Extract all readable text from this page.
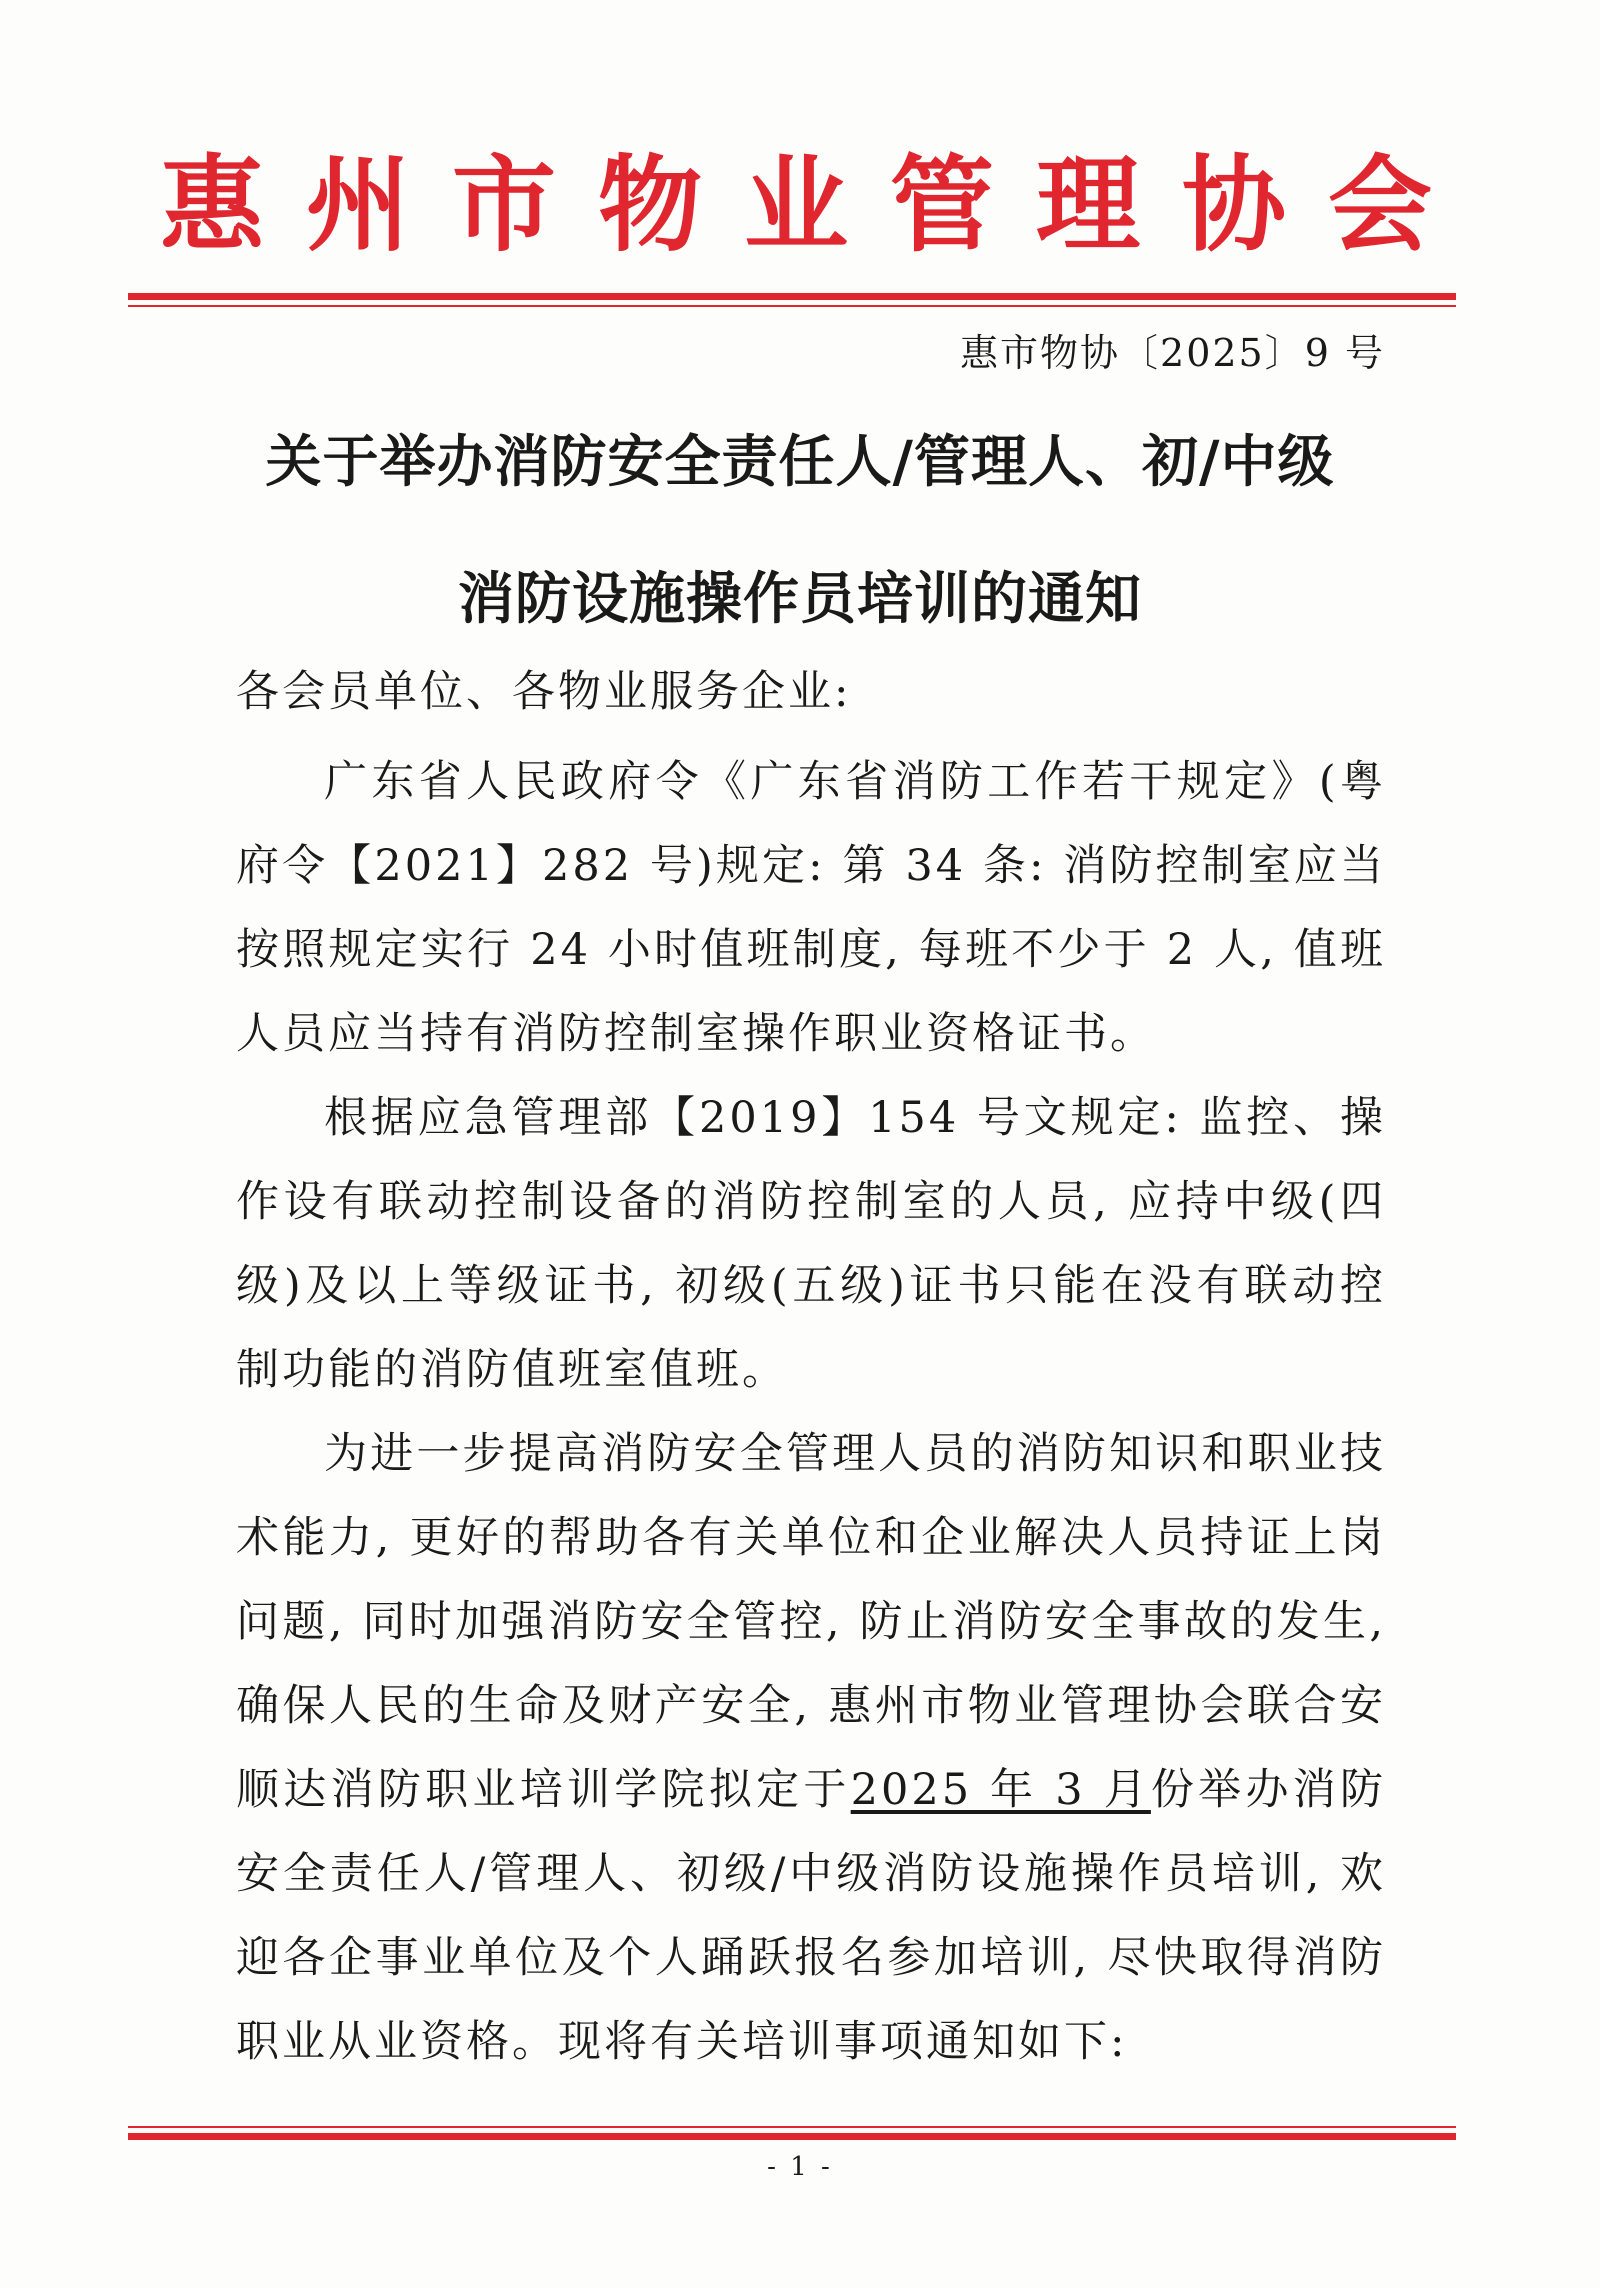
惠州市物业管理协会
惠市物协〔2025〕9 号
关于举办消防安全责任人/管理人、初/中级
消防设施操作员培训的通知
各会员单位、各物业服务企业:

广东省人民政府令《广东省消防工作若干规定》(粤府令【2021】282 号)规定: 第 34 条: 消防控制室应当按照规定实行 24 小时值班制度, 每班不少于 2 人, 值班人员应当持有消防控制室操作职业资格证书。

根据应急管理部【2019】154 号文规定: 监控、操作设有联动控制设备的消防控制室的人员, 应持中级(四级)及以上等级证书, 初级(五级)证书只能在没有联动控制功能的消防值班室值班。

为进一步提高消防安全管理人员的消防知识和职业技术能力, 更好的帮助各有关单位和企业解决人员持证上岗问题, 同时加强消防安全管控, 防止消防安全事故的发生, 确保人民的生命及财产安全, 惠州市物业管理协会联合安顺达消防职业培训学院拟定于2025 年 3 月份举办消防安全责任人/管理人、初级/中级消防设施操作员培训, 欢迎各企事业单位及个人踊跃报名参加培训, 尽快取得消防职业从业资格。现将有关培训事项通知如下:

- 1 -
